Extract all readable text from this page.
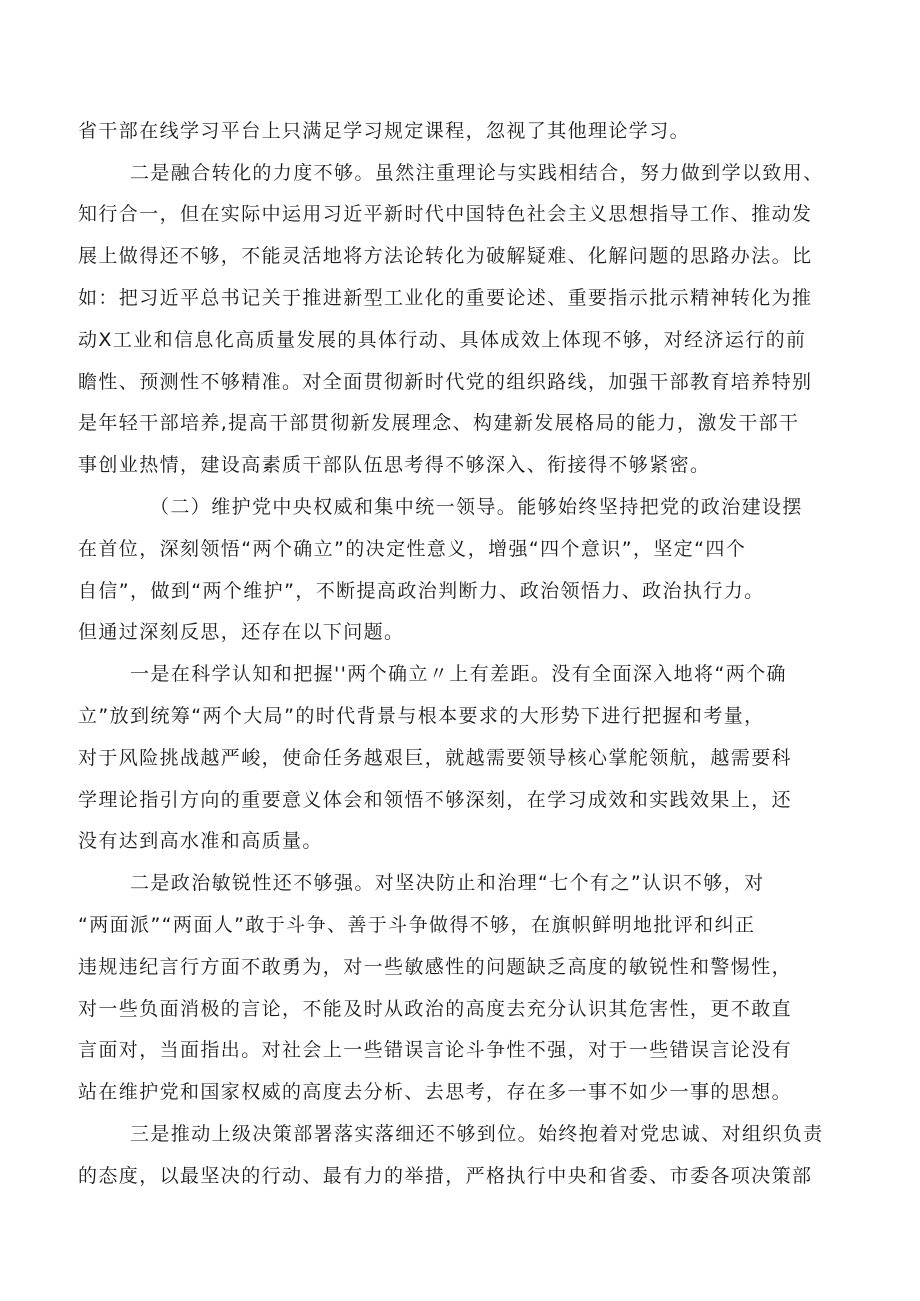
省干部在线学习平台上只满足学习规定课程，忽视了其他理论学习。
二是融合转化的力度不够。虽然注重理论与实践相结合，努力做到学以致用、
知行合一，但在实际中运用习近平新时代中国特色社会主义思想指导工作、推动发
展上做得还不够，不能灵活地将方法论转化为破解疑难、化解问题的思路办法。比
如：把习近平总书记关于推进新型工业化的重要论述、重要指示批示精神转化为推
动X工业和信息化高质量发展的具体行动、具体成效上体现不够，对经济运行的前
瞻性、预测性不够精准。对全面贯彻新时代党的组织路线，加强干部教育培养特别
是年轻干部培养,提高干部贯彻新发展理念、构建新发展格局的能力，激发干部干
事创业热情，建设高素质干部队伍思考得不够深入、衔接得不够紧密。
（二）维护党中央权威和集中统一领导。能够始终坚持把党的政治建设摆
在首位，深刻领悟“两个确立”的决定性意义，增强“四个意识”，坚定“四个
自信”，做到“两个维护”，不断提高政治判断力、政治领悟力、政治执行力。
但通过深刻反思，还存在以下问题。
一是在科学认知和把握''两个确立〃上有差距。没有全面深入地将“两个确
立”放到统筹“两个大局”的时代背景与根本要求的大形势下进行把握和考量，
对于风险挑战越严峻，使命任务越艰巨，就越需要领导核心掌舵领航，越需要科
学理论指引方向的重要意义体会和领悟不够深刻，在学习成效和实践效果上，还
没有达到高水准和高质量。
二是政治敏锐性还不够强。对坚决防止和治理“七个有之”认识不够，对
“两面派”“两面人”敢于斗争、善于斗争做得不够，在旗帜鲜明地批评和纠正
违规违纪言行方面不敢勇为，对一些敏感性的问题缺乏高度的敏锐性和警惕性，
对一些负面消极的言论，不能及时从政治的高度去充分认识其危害性，更不敢直
言面对，当面指出。对社会上一些错误言论斗争性不强，对于一些错误言论没有
站在维护党和国家权威的高度去分析、去思考，存在多一事不如少一事的思想。
三是推动上级决策部署落实落细还不够到位。始终抱着对党忠诚、对组织负责
的态度，以最坚决的行动、最有力的举措，严格执行中央和省委、市委各项决策部
